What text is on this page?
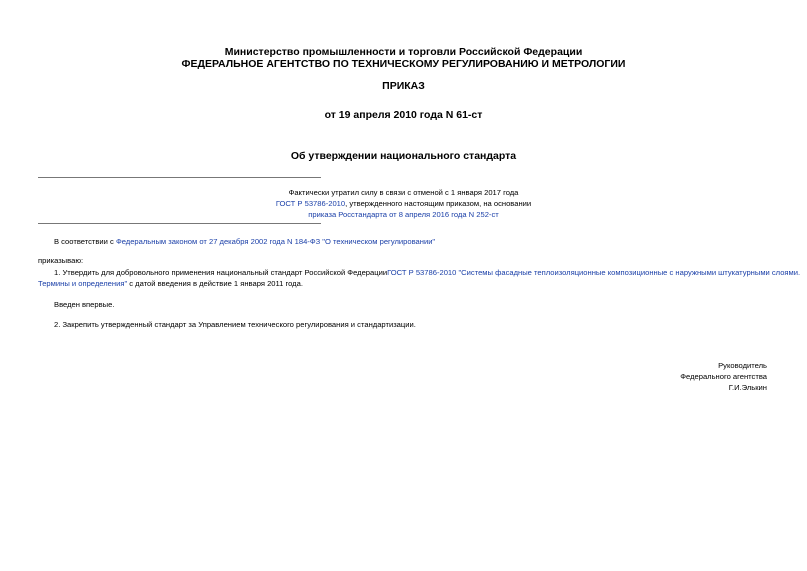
Министерство промышленности и торговли Российской Федерации
ФЕДЕРАЛЬНОЕ АГЕНТСТВО ПО ТЕХНИЧЕСКОМУ РЕГУЛИРОВАНИЮ И МЕТРОЛОГИИ
ПРИКАЗ
от 19 апреля 2010 года N 61-ст
Об утверждении национального стандарта
Фактически утратил силу в связи с отменой с 1 января 2017 года
ГОСТ Р 53786-2010, утвержденного настоящим приказом, на основании
приказа Росстандарта от 8 апреля 2016 года N 252-ст
В соответствии с Федеральным законом от 27 декабря 2002 года N 184-ФЗ "О техническом регулировании"
приказываю:
1. Утвердить для добровольного применения национальный стандарт Российской ФедерацииГОСТ Р 53786-2010 "Системы фасадные теплоизоляционные композиционные с наружными штукатурными слоями.
Термины и определения" с датой введения в действие 1 января 2011 года.
Введен впервые.
2. Закрепить утвержденный стандарт за Управлением технического регулирования и стандартизации.
Руководитель
Федерального агентства
Г.И.Элькин
